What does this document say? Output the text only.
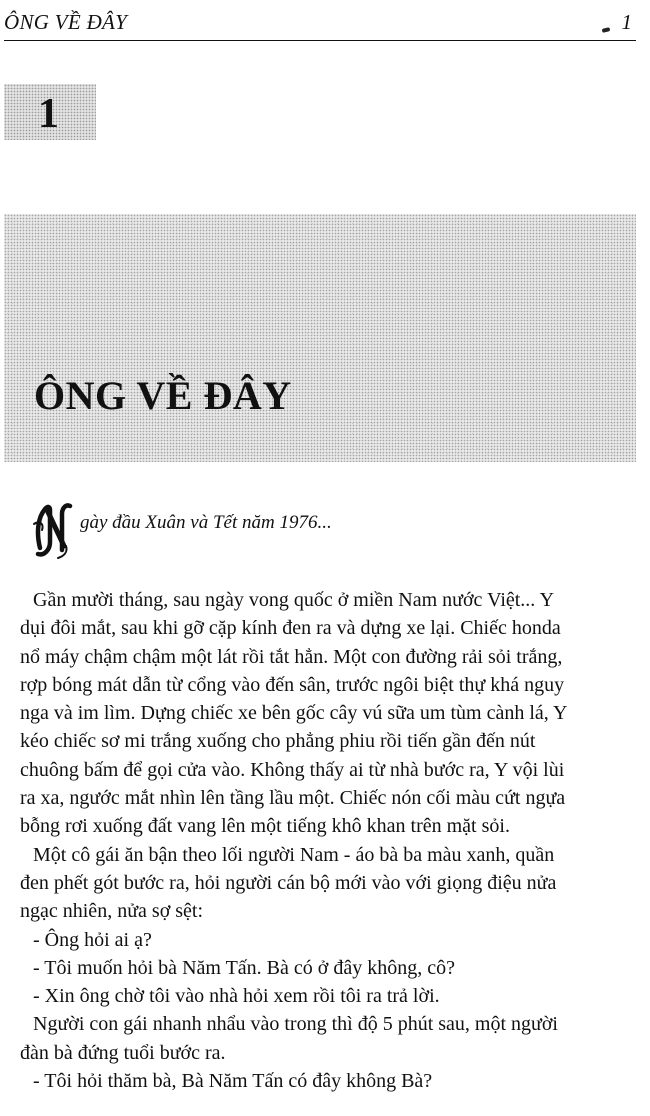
ÔNG VỀ ĐÂY	1
1
ÔNG VỀ ĐÂY
gày đầu Xuân và Tết năm 1976...
Gần mười tháng, sau ngày vong quốc ở miền Nam nước Việt... Y
dụi đôi mắt, sau khi gỡ cặp kính đen ra và dựng xe lại. Chiếc honda
nổ máy chậm chậm một lát rồi tắt hẳn. Một con đường rải sỏi trắng,
rợp bóng mát dẫn từ cổng vào đến sân, trước ngôi biệt thự khá nguy
nga và im lìm. Dựng chiếc xe bên gốc cây vú sữa um tùm cành lá, Y
kéo chiếc sơ mi trắng xuống cho phẳng phiu rồi tiến gần đến nút
chuông bấm để gọi cửa vào. Không thấy ai từ nhà bước ra, Y vội lùi
ra xa, ngước mắt nhìn lên tầng lầu một. Chiếc nón cối màu cứt ngựa
bỗng rơi xuống đất vang lên một tiếng khô khan trên mặt sỏi.
Một cô gái ăn bận theo lối người Nam - áo bà ba màu xanh, quần
đen phết gót bước ra, hỏi người cán bộ mới vào với giọng điệu nửa
ngạc nhiên, nửa sợ sệt:
- Ông hỏi ai ạ?
- Tôi muốn hỏi bà Năm Tấn. Bà có ở đây không, cô?
- Xin ông chờ tôi vào nhà hỏi xem rồi tôi ra trả lời.
Người con gái nhanh nhẩu vào trong thì độ 5 phút sau, một người
đàn bà đứng tuổi bước ra.
- Tôi hỏi thăm bà, Bà Năm Tấn có đây không Bà?
